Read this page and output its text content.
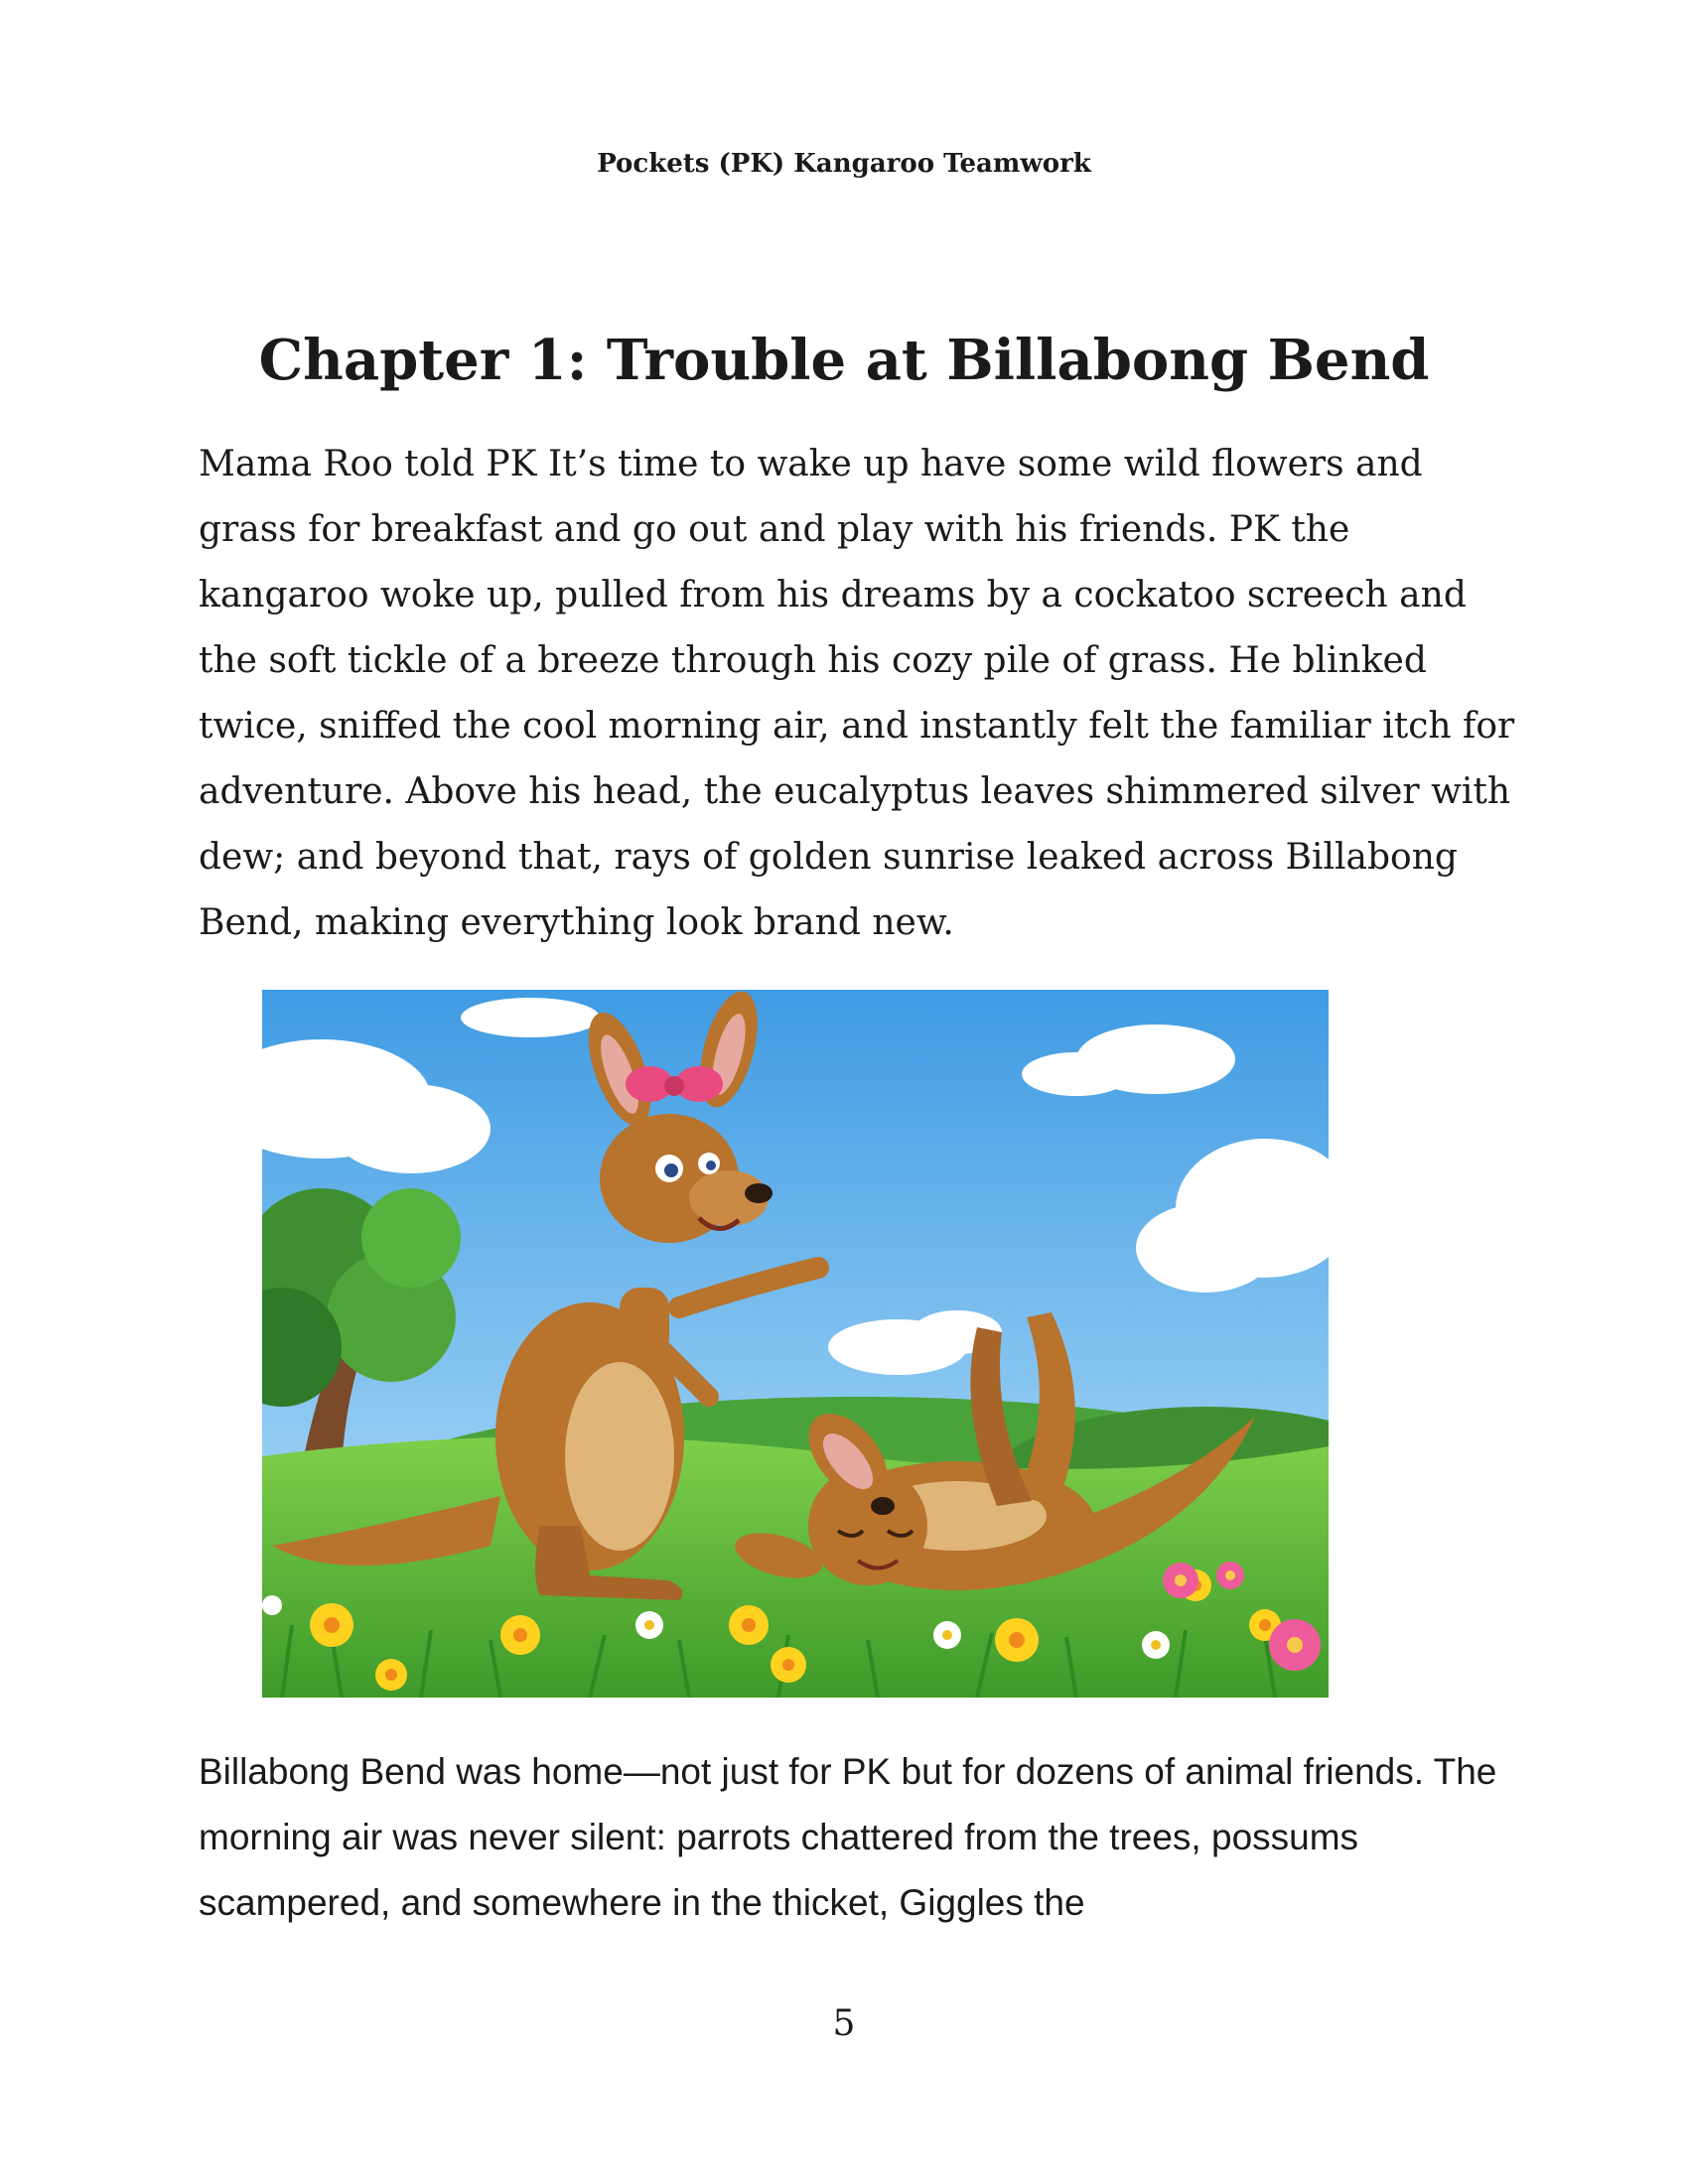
Pockets (PK) Kangaroo Teamwork
Chapter 1: Trouble at Billabong Bend

Mama Roo told PK It’s time to wake up have some wild flowers and grass for breakfast and go out and play with his friends. PK the kangaroo woke up, pulled from his dreams by a cockatoo screech and the soft tickle of a breeze through his cozy pile of grass. He blinked twice, sniffed the cool morning air, and instantly felt the familiar itch for adventure. Above his head, the eucalyptus leaves shimmered silver with dew; and beyond that, rays of golden sunrise leaked across Billabong Bend, making everything look brand new.

Billabong Bend was home—not just for PK but for dozens of animal friends. The morning air was never silent: parrots chattered from the trees, possums scampered, and somewhere in the thicket, Giggles the

5
